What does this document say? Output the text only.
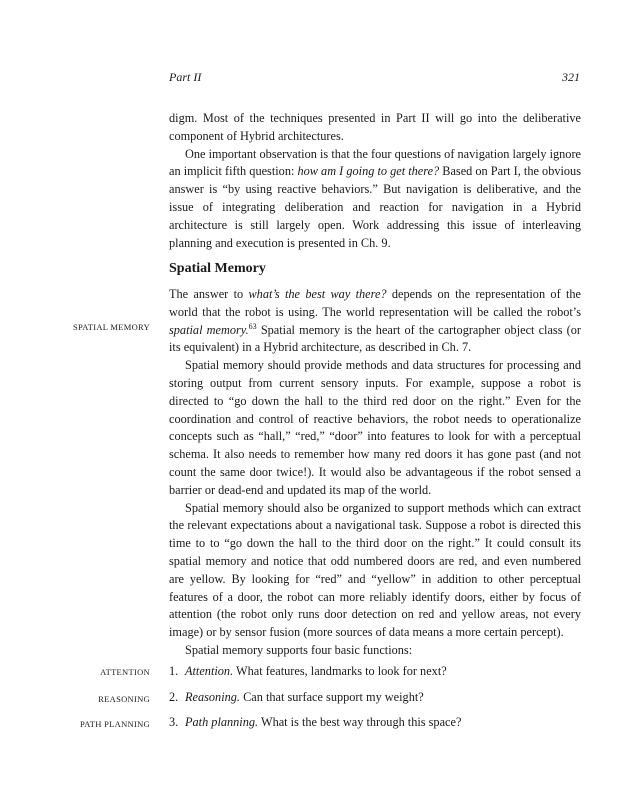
Part II	321

digm. Most of the techniques presented in Part II will go into the deliberative component of Hybrid architectures.

One important observation is that the four questions of navigation largely ignore an implicit fifth question: how am I going to get there? Based on Part I, the obvious answer is “by using reactive behaviors.” But navigation is deliberative, and the issue of integrating deliberation and reaction for navigation in a Hybrid architecture is still largely open. Work addressing this issue of interleaving planning and execution is presented in Ch. 9.

Spatial Memory

The answer to what’s the best way there? depends on the representation of the world that the robot is using. The world representation will be called the robot’s spatial memory.$^{63}$ Spatial memory is the heart of the cartographer object class (or its equivalent) in a Hybrid architecture, as described in Ch. 7.

Spatial memory should provide methods and data structures for processing and storing output from current sensory inputs. For example, suppose a robot is directed to “go down the hall to the third red door on the right.” Even for the coordination and control of reactive behaviors, the robot needs to operationalize concepts such as “hall,” “red,” “door” into features to look for with a perceptual schema. It also needs to remember how many red doors it has gone past (and not count the same door twice!). It would also be advantageous if the robot sensed a barrier or dead-end and updated its map of the world.

Spatial memory should also be organized to support methods which can extract the relevant expectations about a navigational task. Suppose a robot is directed this time to to “go down the hall to the third door on the right.” It could consult its spatial memory and notice that odd numbered doors are red, and even numbered are yellow. By looking for “red” and “yellow” in addition to other perceptual features of a door, the robot can more reliably identify doors, either by focus of attention (the robot only runs door detection on red and yellow areas, not every image) or by sensor fusion (more sources of data means a more certain percept).

Spatial memory supports four basic functions:

SPATIAL MEMORY
ATTENTION
REASONING
PATH PLANNING
1. Attention. What features, landmarks to look for next?
2. Reasoning. Can that surface support my weight?
3. Path planning. What is the best way through this space?
